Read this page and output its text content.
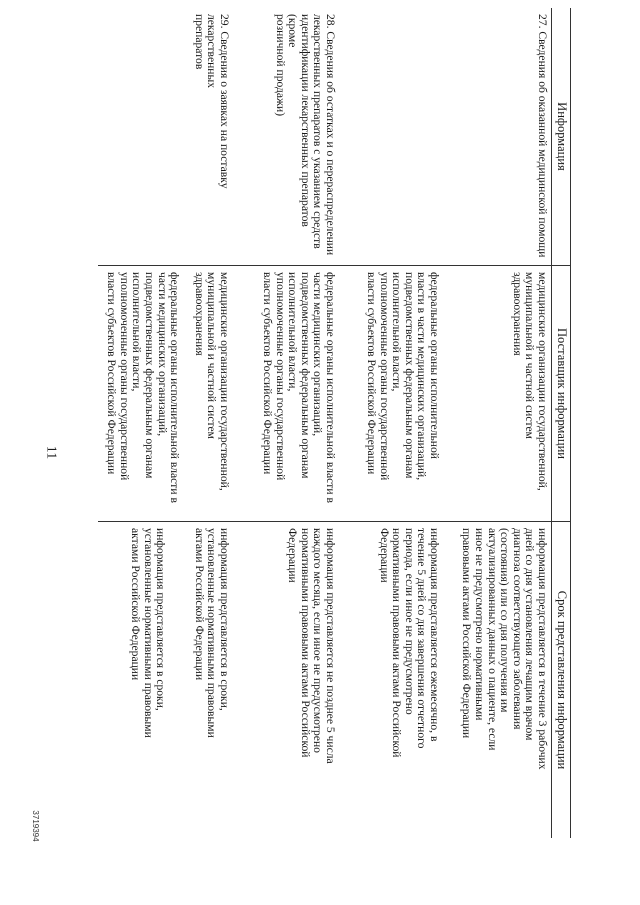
11
Информация
Поставщик информации
Срок представления информации

27. Сведения об оказанной медицинской помощи

медицинские организации государственной,
муниципальной и частной систем
здравоохранения

информация представляется в течение 3 рабочих
дней со дня установления лечащим врачом
диагноза соответствующего заболевания
(состояния) или со дня получения им
актуализированных данных о пациенте, если
иное не предусмотрено нормативными
правовыми актами Российской Федерации

федеральные органы исполнительной
власти в части медицинских организаций,
подведомственных федеральным органам
исполнительной власти,
уполномоченные органы государственной
власти субъектов Российской Федерации

информация представляется ежемесячно, в
течение 5 дней со дня завершения отчетного
периода, если иное не предусмотрено
нормативными правовыми актами Российской
Федерации

28. Сведения об остатках и о перераспределении
лекарственных препаратов с указанием средств
идентификации лекарственных препаратов (кроме
розничной продажи)

федеральные органы исполнительной власти в
части медицинских организаций,
подведомственных федеральным органам
исполнительной власти,
уполномоченные органы государственной
власти субъектов Российской Федерации

информация представляется не позднее 5 числа
каждого месяца, если иное не предусмотрено
нормативными правовыми актами Российской
Федерации

29. Сведения о заявках на поставку лекарственных
препаратов

медицинские организации государственной,
муниципальной и частной систем
здравоохранения

федеральные органы исполнительной власти в
части медицинских организаций,
подведомственных федеральным органам
исполнительной власти,
уполномоченные органы государственной
власти субъектов Российской Федерации

информация представляется в сроки,
установленные нормативными правовыми
актами Российской Федерации

информация представляется в сроки,
установленные нормативными правовыми
актами Российской Федерации

3719394
